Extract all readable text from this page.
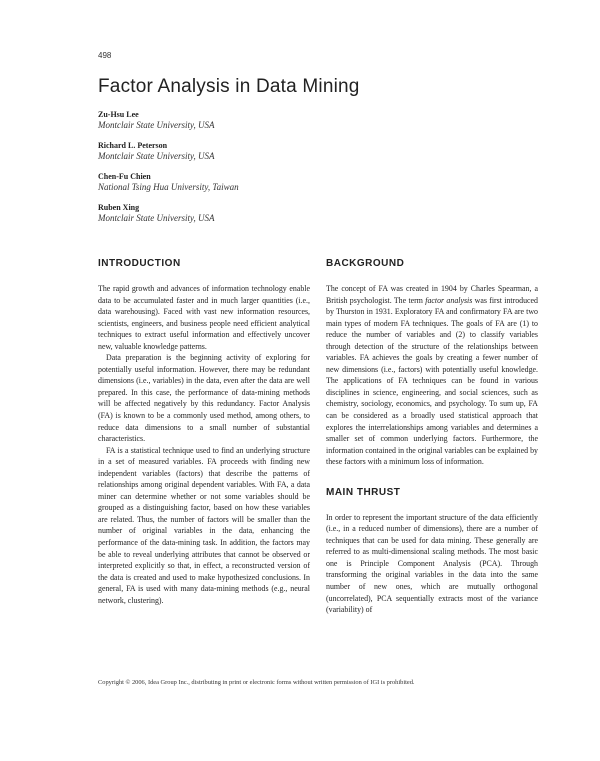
498
Factor Analysis in Data Mining
Zu-Hsu Lee
Montclair State University, USA
Richard L. Peterson
Montclair State University, USA
Chen-Fu Chien
National Tsing Hua University, Taiwan
Ruben Xing
Montclair State University, USA
INTRODUCTION

The rapid growth and advances of information technology enable data to be accumulated faster and in much larger quantities (i.e., data warehousing). Faced with vast new information resources, scientists, engineers, and business people need efficient analytical techniques to extract useful information and effectively uncover new, valuable knowledge patterns.

Data preparation is the beginning activity of exploring for potentially useful information. However, there may be redundant dimensions (i.e., variables) in the data, even after the data are well prepared. In this case, the performance of data-mining methods will be affected negatively by this redundancy. Factor Analysis (FA) is known to be a commonly used method, among others, to reduce data dimensions to a small number of substantial characteristics.

FA is a statistical technique used to find an underlying structure in a set of measured variables. FA proceeds with finding new independent variables (factors) that describe the patterns of relationships among original dependent variables. With FA, a data miner can determine whether or not some variables should be grouped as a distinguishing factor, based on how these variables are related. Thus, the number of factors will be smaller than the number of original variables in the data, enhancing the performance of the data-mining task. In addition, the factors may be able to reveal underlying attributes that cannot be observed or interpreted explicitly so that, in effect, a reconstructed version of the data is created and used to make hypothesized conclusions. In general, FA is used with many data-mining methods (e.g., neural network, clustering).

BACKGROUND

The concept of FA was created in 1904 by Charles Spearman, a British psychologist. The term factor analysis was first introduced by Thurston in 1931. Exploratory FA and confirmatory FA are two main types of modern FA techniques. The goals of FA are (1) to reduce the number of variables and (2) to classify variables through detection of the structure of the relationships between variables. FA achieves the goals by creating a fewer number of new dimensions (i.e., factors) with potentially useful knowledge. The applications of FA techniques can be found in various disciplines in science, engineering, and social sciences, such as chemistry, sociology, economics, and psychology. To sum up, FA can be considered as a broadly used statistical approach that explores the interrelationships among variables and determines a smaller set of common underlying factors. Furthermore, the information contained in the original variables can be explained by these factors with a minimum loss of information.

MAIN THRUST

In order to represent the important structure of the data efficiently (i.e., in a reduced number of dimensions), there are a number of techniques that can be used for data mining. These generally are referred to as multi-dimensional scaling methods. The most basic one is Principle Component Analysis (PCA). Through transforming the original variables in the data into the same number of new ones, which are mutually orthogonal (uncorrelated), PCA sequentially extracts most of the variance (variability) of

Copyright © 2006, Idea Group Inc., distributing in print or electronic forms without written permission of IGI is prohibited.
